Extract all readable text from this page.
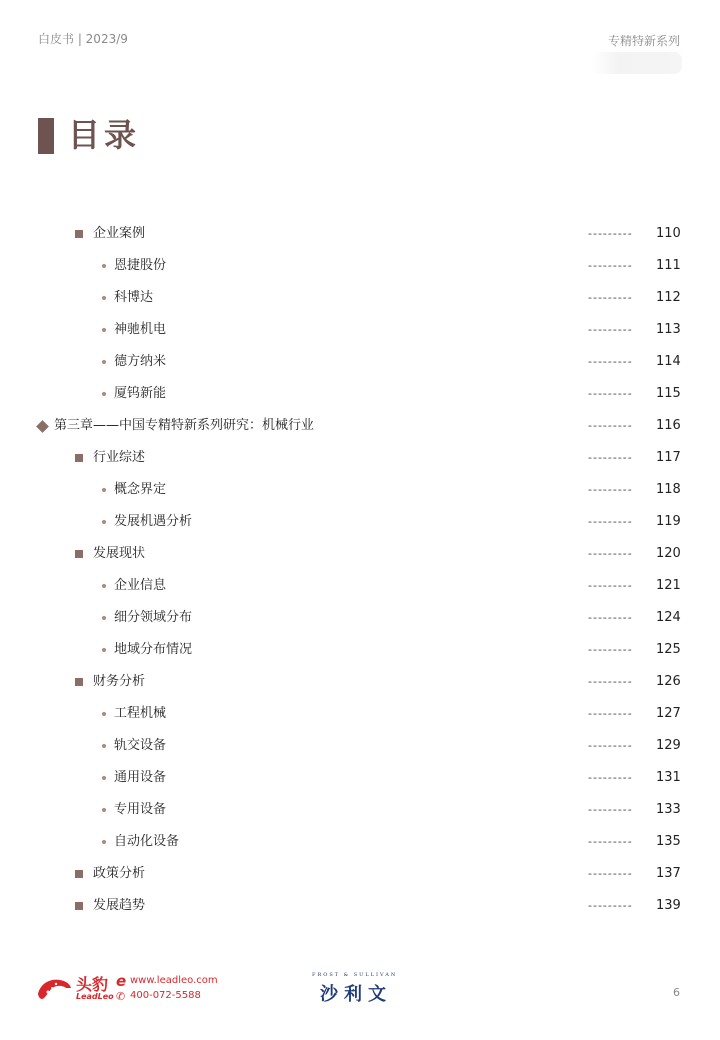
白皮书 | 2023/9	专精特新系列
目录
企业案例	--------- 110
恩捷股份	--------- 111
科博达	--------- 112
神驰机电	--------- 113
德方纳米	--------- 114
厦钨新能	--------- 115
第三章——中国专精特新系列研究：机械行业	--------- 116
行业综述	--------- 117
概念界定	--------- 118
发展机遇分析	--------- 119
发展现状	--------- 120
企业信息	--------- 121
细分领域分布	--------- 124
地域分布情况	--------- 125
财务分析	--------- 126
工程机械	--------- 127
轨交设备	--------- 129
通用设备	--------- 131
专用设备	--------- 133
自动化设备	--------- 135
政策分析	--------- 137
发展趋势	--------- 139
头豹
LeadLeo
e www.leadleo.com
✆ 400-072-5588
FROST & SULLIVAN
沙利文	6
